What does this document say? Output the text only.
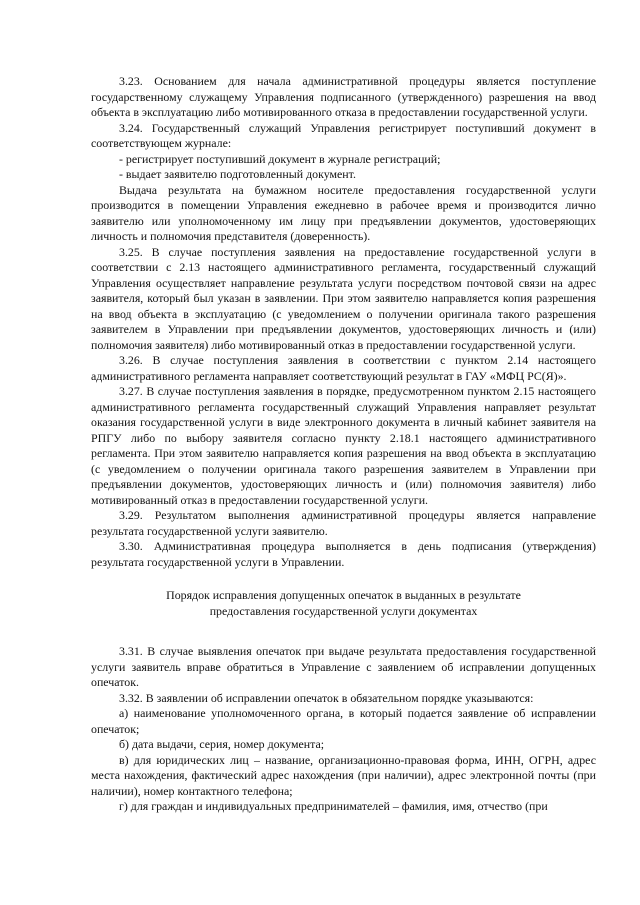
3.23. Основанием для начала административной процедуры является поступление государственному служащему Управления подписанного (утвержденного) разрешения на ввод объекта в эксплуатацию либо мотивированного отказа в предоставлении государственной услуги.

3.24. Государственный служащий Управления регистрирует поступивший документ в соответствующем журнале:

- регистрирует поступивший документ в журнале регистраций;

- выдает заявителю подготовленный документ.

Выдача результата на бумажном носителе предоставления государственной услуги производится в помещении Управления ежедневно в рабочее время и производится лично заявителю или уполномоченному им лицу при предъявлении документов, удостоверяющих личность и полномочия представителя (доверенность).

3.25. В случае поступления заявления на предоставление государственной услуги в соответствии с 2.13 настоящего административного регламента, государственный служащий Управления осуществляет направление результата услуги посредством почтовой связи на адрес заявителя, который был указан в заявлении. При этом заявителю направляется копия разрешения на ввод объекта в эксплуатацию (с уведомлением о получении оригинала такого разрешения заявителем в Управлении при предъявлении документов, удостоверяющих личность и (или) полномочия заявителя) либо мотивированный отказ в предоставлении государственной услуги.

3.26. В случае поступления заявления в соответствии с пунктом 2.14 настоящего административного регламента направляет соответствующий результат в ГАУ «МФЦ РС(Я)».

3.27. В случае поступления заявления в порядке, предусмотренном пунктом 2.15 настоящего административного регламента государственный служащий Управления направляет результат оказания государственной услуги в виде электронного документа в личный кабинет заявителя на РПГУ либо по выбору заявителя согласно пункту 2.18.1 настоящего административного регламента. При этом заявителю направляется копия разрешения на ввод объекта в эксплуатацию (с уведомлением о получении оригинала такого разрешения заявителем в Управлении при предъявлении документов, удостоверяющих личность и (или) полномочия заявителя) либо мотивированный отказ в предоставлении государственной услуги.

3.29. Результатом выполнения административной процедуры является направление результата государственной услуги заявителю.

3.30. Административная процедура выполняется в день подписания (утверждения) результата государственной услуги в Управлении.

Порядок исправления допущенных опечаток в выданных в результате
предоставления государственной услуги документах

3.31. В случае выявления опечаток при выдаче результата предоставления государственной услуги заявитель вправе обратиться в Управление с заявлением об исправлении допущенных опечаток.

3.32. В заявлении об исправлении опечаток в обязательном порядке указываются:

а) наименование уполномоченного органа, в который подается заявление об исправлении опечаток;

б) дата выдачи, серия, номер документа;

в) для юридических лиц – название, организационно-правовая форма, ИНН, ОГРН, адрес места нахождения, фактический адрес нахождения (при наличии), адрес электронной почты (при наличии), номер контактного телефона;

г) для граждан и индивидуальных предпринимателей – фамилия, имя, отчество (при
